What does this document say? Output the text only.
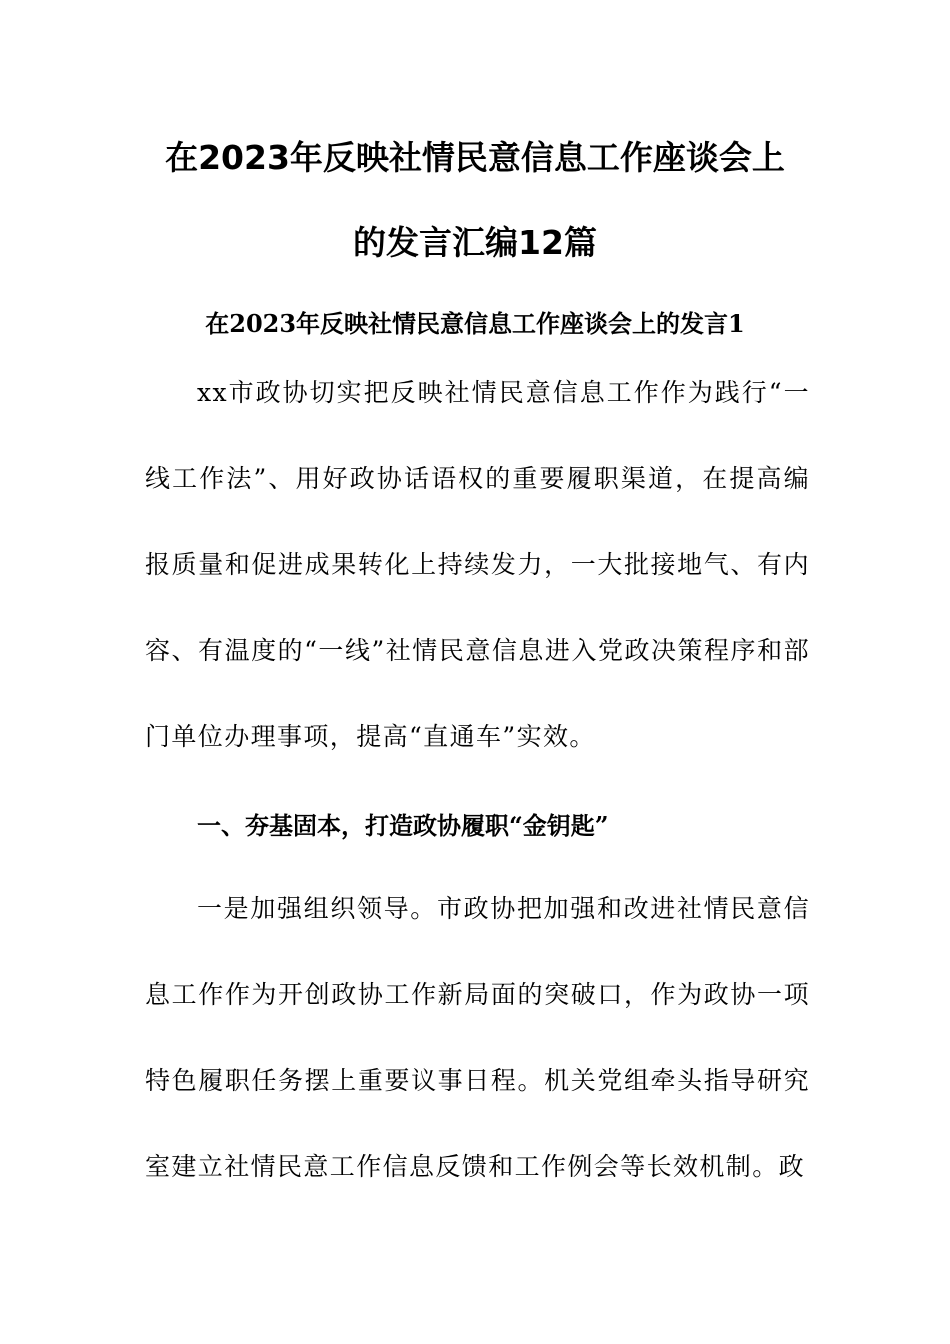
在2023年反映社情民意信息工作座谈会上
的发言汇编12篇
在2023年反映社情民意信息工作座谈会上的发言1

xx市政协切实把反映社情民意信息工作作为践行“一线工作法”、用好政协话语权的重要履职渠道，在提高编报质量和促进成果转化上持续发力，一大批接地气、有内容、有温度的“一线”社情民意信息进入党政决策程序和部门单位办理事项，提高“直通车”实效。

一、夯基固本，打造政协履职“金钥匙”

一是加强组织领导。市政协把加强和改进社情民意信息工作作为开创政协工作新局面的突破口，作为政协一项特色履职任务摆上重要议事日程。机关党组牵头指导研究室建立社情民意工作信息反馈和工作例会等长效机制。政
